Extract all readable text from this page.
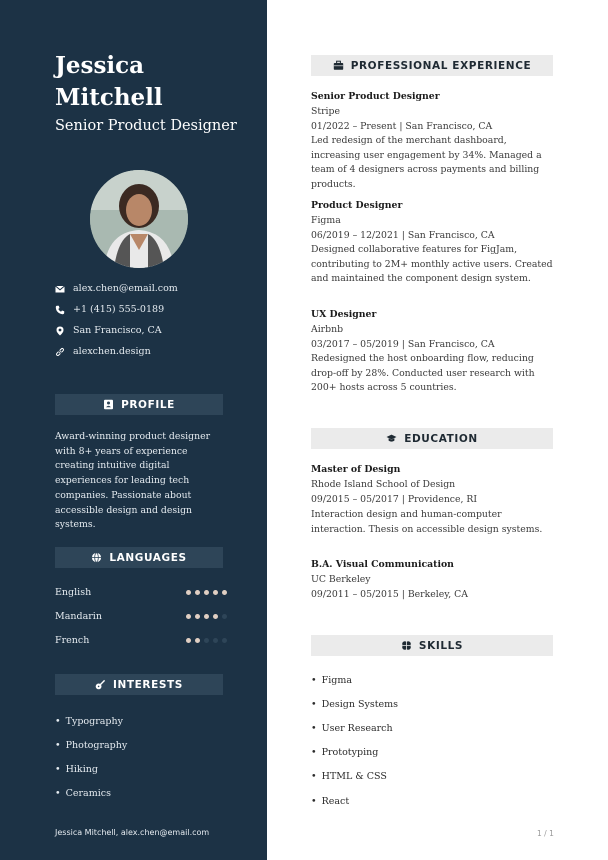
Jessica Mitchell
Senior Product Designer
alex.chen@email.com
+1 (415) 555-0189
San Francisco, CA
alexchen.design
PROFILE
Award-winning product designer with 8+ years of experience creating intuitive digital experiences for leading tech companies. Passionate about accessible design and design systems.
LANGUAGES
English
Mandarin
French
INTERESTS
• Typography
• Photography
• Hiking
• Ceramics
Jessica Mitchell, alex.chen@email.com
PROFESSIONAL EXPERIENCE
Senior Product Designer
Stripe
01/2022 – Present | San Francisco, CA
Led redesign of the merchant dashboard, increasing user engagement by 34%. Managed a team of 4 designers across payments and billing products.
Product Designer
Figma
06/2019 – 12/2021 | San Francisco, CA
Designed collaborative features for FigJam, contributing to 2M+ monthly active users. Created and maintained the component design system.
UX Designer
Airbnb
03/2017 – 05/2019 | San Francisco, CA
Redesigned the host onboarding flow, reducing drop-off by 28%. Conducted user research with 200+ hosts across 5 countries.
EDUCATION
Master of Design
Rhode Island School of Design
09/2015 – 05/2017 | Providence, RI
Interaction design and human-computer interaction. Thesis on accessible design systems.
B.A. Visual Communication
UC Berkeley
09/2011 – 05/2015 | Berkeley, CA
SKILLS
• Figma
• Design Systems
• User Research
• Prototyping
• HTML & CSS
• React
1 / 1
